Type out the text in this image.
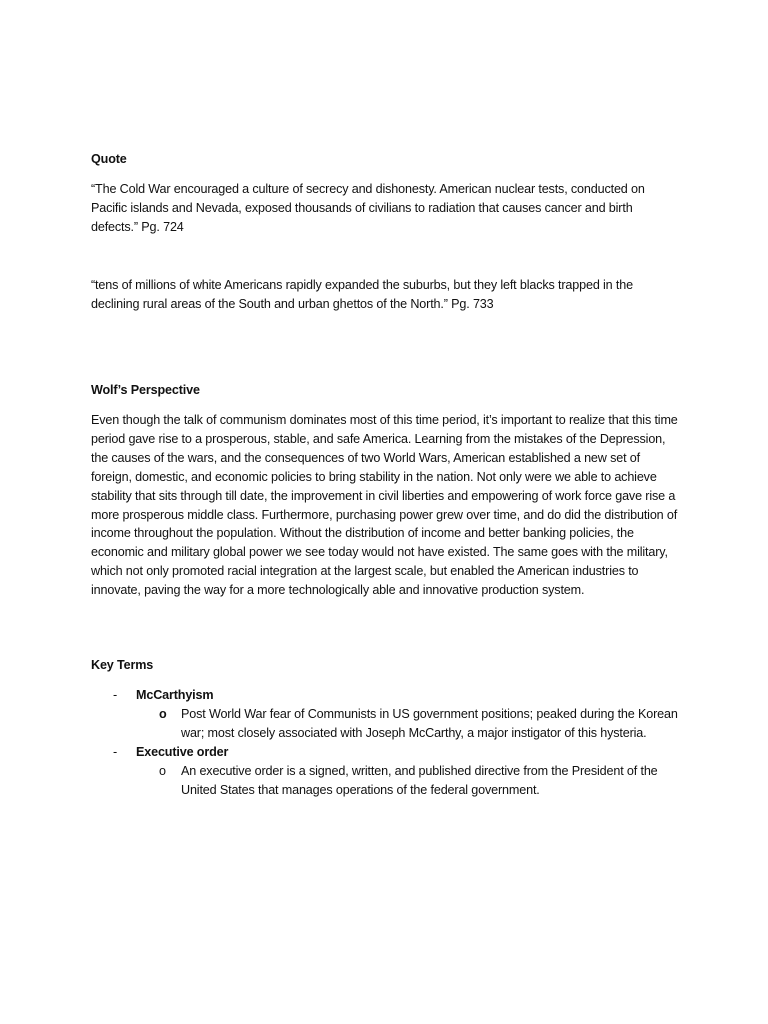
Quote

“The Cold War encouraged a culture of secrecy and dishonesty. American nuclear tests, conducted on Pacific islands and Nevada, exposed thousands of civilians to radiation that causes cancer and birth defects.” Pg. 724

“tens of millions of white Americans rapidly expanded the suburbs, but they left blacks trapped in the declining rural areas of the South and urban ghettos of the North.” Pg. 733

Wolf’s Perspective

Even though the talk of communism dominates most of this time period, it’s important to realize that this time period gave rise to a prosperous, stable, and safe America. Learning from the mistakes of the Depression, the causes of the wars, and the consequences of two World Wars, American established a new set of foreign, domestic, and economic policies to bring stability in the nation. Not only were we able to achieve stability that sits through till date, the improvement in civil liberties and empowering of work force gave rise a more prosperous middle class. Furthermore, purchasing power grew over time, and do did the distribution of income throughout the population. Without the distribution of income and better banking policies, the economic and military global power we see today would not have existed. The same goes with the military, which not only promoted racial integration at the largest scale, but enabled the American industries to innovate, paving the way for a more technologically able and innovative production system.

Key Terms
- McCarthyism
o Post World War fear of Communists in US government positions; peaked during the Korean war; most closely associated with Joseph McCarthy, a major instigator of this hysteria.
- Executive order
o An executive order is a signed, written, and published directive from the President of the United States that manages operations of the federal government.
